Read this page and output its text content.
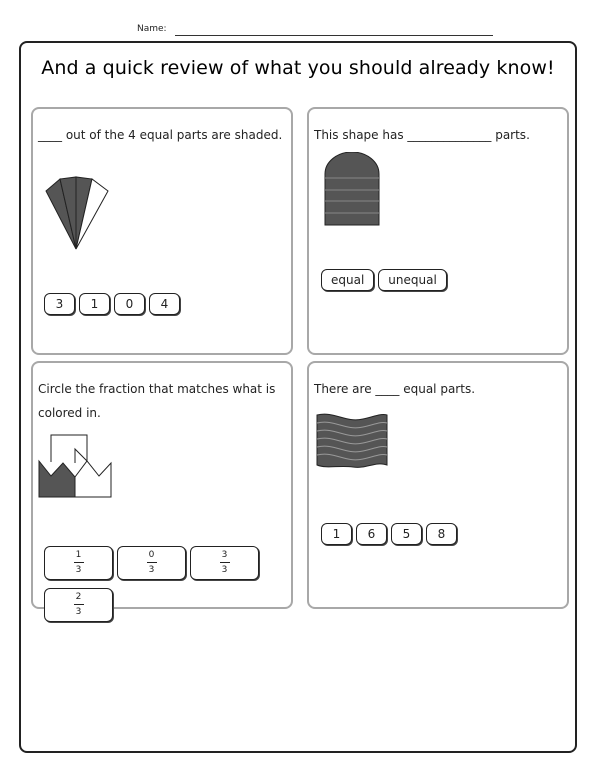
Name:
And a quick review of what you should already know!

____ out of the 4 equal parts are shaded.

3 1 0 4

This shape has ______________ parts.

equal unequal

Circle the fraction that matches what is colored in.

$\frac{1}{3} \frac{0}{3} \frac{3}{3}$
$\frac{2}{3}$

There are ____ equal parts.

1 6 5 8
